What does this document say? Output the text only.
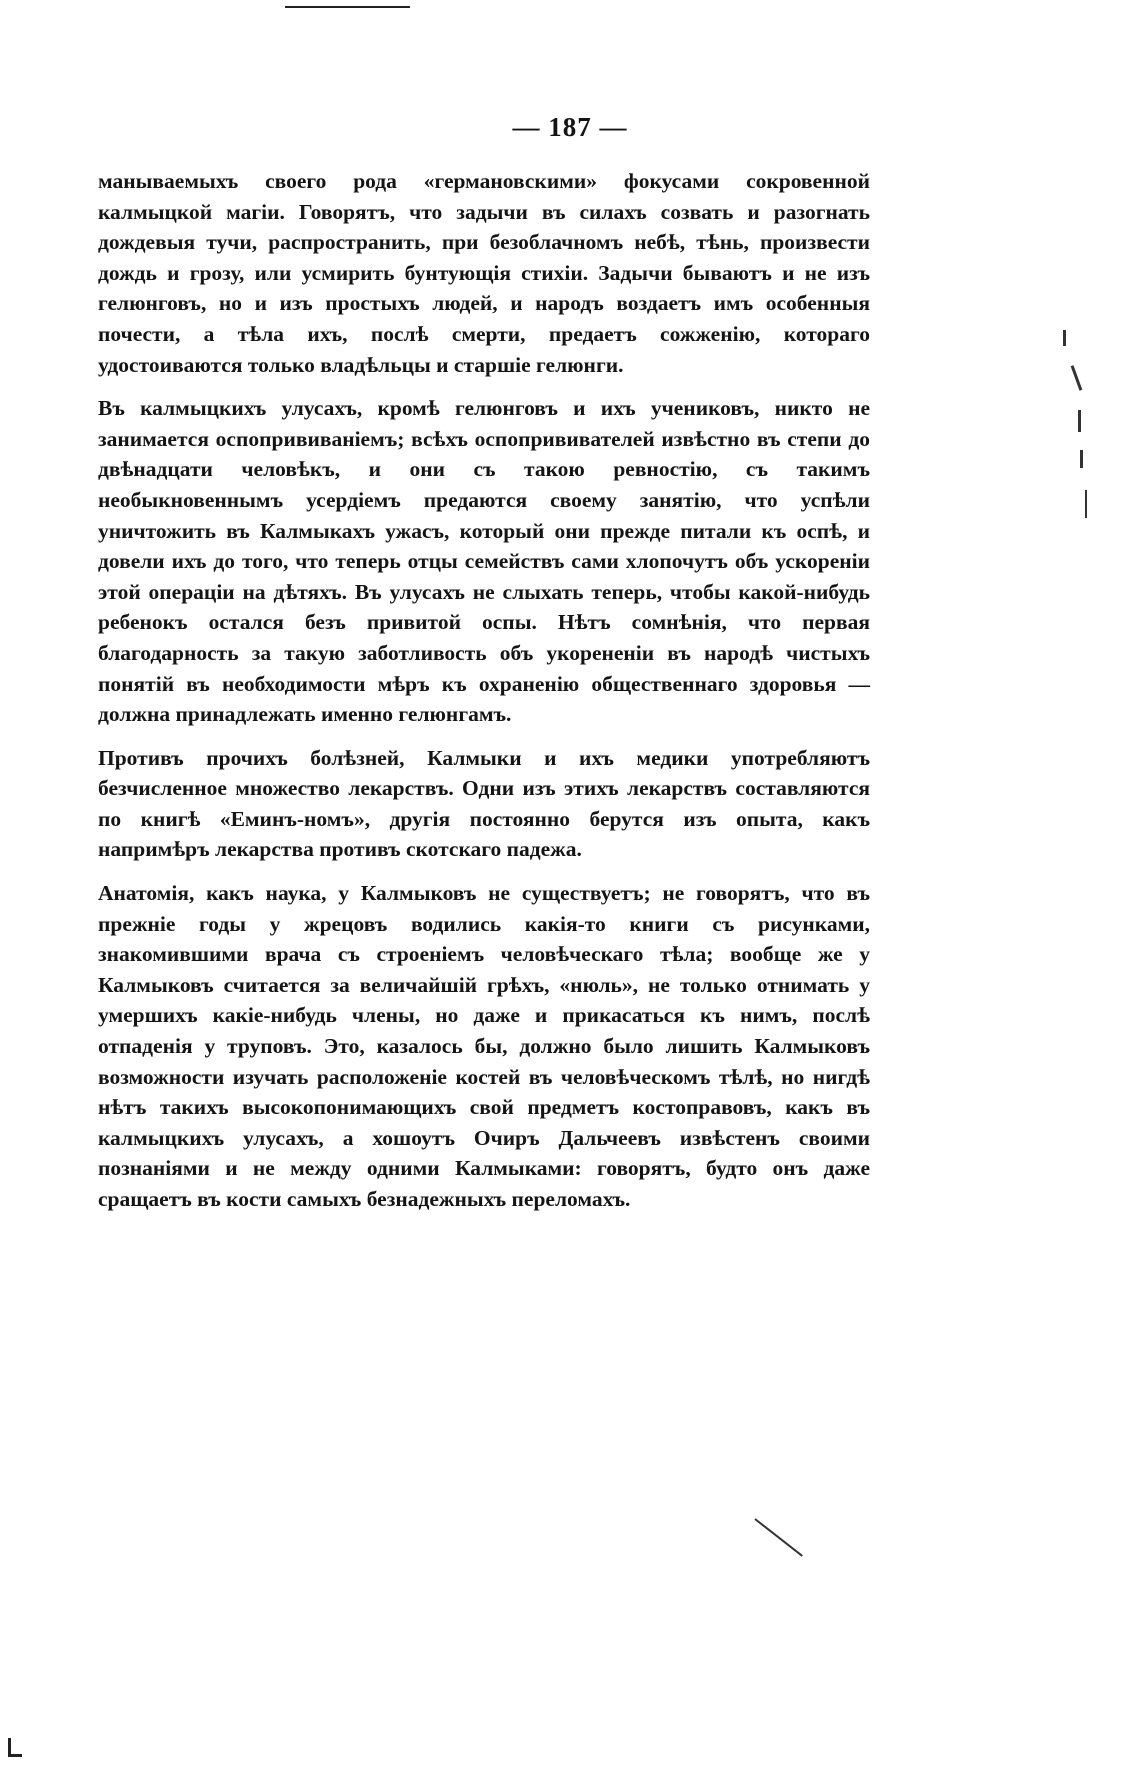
— 187 —

манываемыхъ своего рода «германовскими» фокусами сокровенной калмыцкой магіи. Говорятъ, что задычи въ силахъ созвать и разогнать дождевыя тучи, распространить, при безоблачномъ небѣ, тѣнь, произвести дождь и грозу, или усмирить бунтующія стихіи. Задычи бываютъ и не изъ гелюнговъ, но и изъ простыхъ людей, и народъ воздаетъ имъ особенныя почести, а тѣла ихъ, послѣ смерти, предаетъ сожженію, котораго удостоиваются только владѣльцы и старшіе гелюнги.

Въ калмыцкихъ улусахъ, кромѣ гелюнговъ и ихъ учениковъ, никто не занимается оспопрививаніемъ; всѣхъ оспопрививателей извѣстно въ степи до двѣнадцати человѣкъ, и они съ такою ревностію, съ такимъ необыкновеннымъ усердіемъ предаются своему занятію, что успѣли уничтожить въ Калмыкахъ ужасъ, который они прежде питали къ оспѣ, и довели ихъ до того, что теперь отцы семействъ сами хлопочутъ объ ускореніи этой операціи на дѣтяхъ. Въ улусахъ не слыхать теперь, чтобы какой-нибудь ребенокъ остался безъ привитой оспы. Нѣтъ сомнѣнія, что первая благодарность за такую заботливость объ укорененіи въ народѣ чистыхъ понятій въ необходимости мѣръ къ охраненію общественнаго здоровья — должна принадлежать именно гелюнгамъ.

Противъ прочихъ болѣзней, Калмыки и ихъ медики употребляютъ безчисленное множество лекарствъ. Одни изъ этихъ лекарствъ составляются по книгѣ «Еминъ-номъ», другія постоянно берутся изъ опыта, какъ напримѣръ лекарства противъ скотскаго падежа.

Анатомія, какъ наука, у Калмыковъ не существуетъ; не говорятъ, что въ прежніе годы у жрецовъ водились какія-то книги съ рисунками, знакомившими врача съ строеніемъ человѣческаго тѣла; вообще же у Калмыковъ считается за величайшій грѣхъ, «нюль», не только отнимать у умершихъ какіе-нибудь члены, но даже и прикасаться къ нимъ, послѣ отпаденія у труповъ. Это, казалось бы, должно было лишить Калмыковъ возможности изучать расположеніе костей въ человѣческомъ тѣлѣ, но нигдѣ нѣтъ такихъ высокопонимающихъ свой предметъ костоправовъ, какъ въ калмыцкихъ улусахъ, а хошоутъ Очиръ Дальчеевъ извѣстенъ своими познаніями и не между одними Калмыками: говорятъ, будто онъ даже сращаетъ въ кости самыхъ безнадежныхъ переломахъ.
